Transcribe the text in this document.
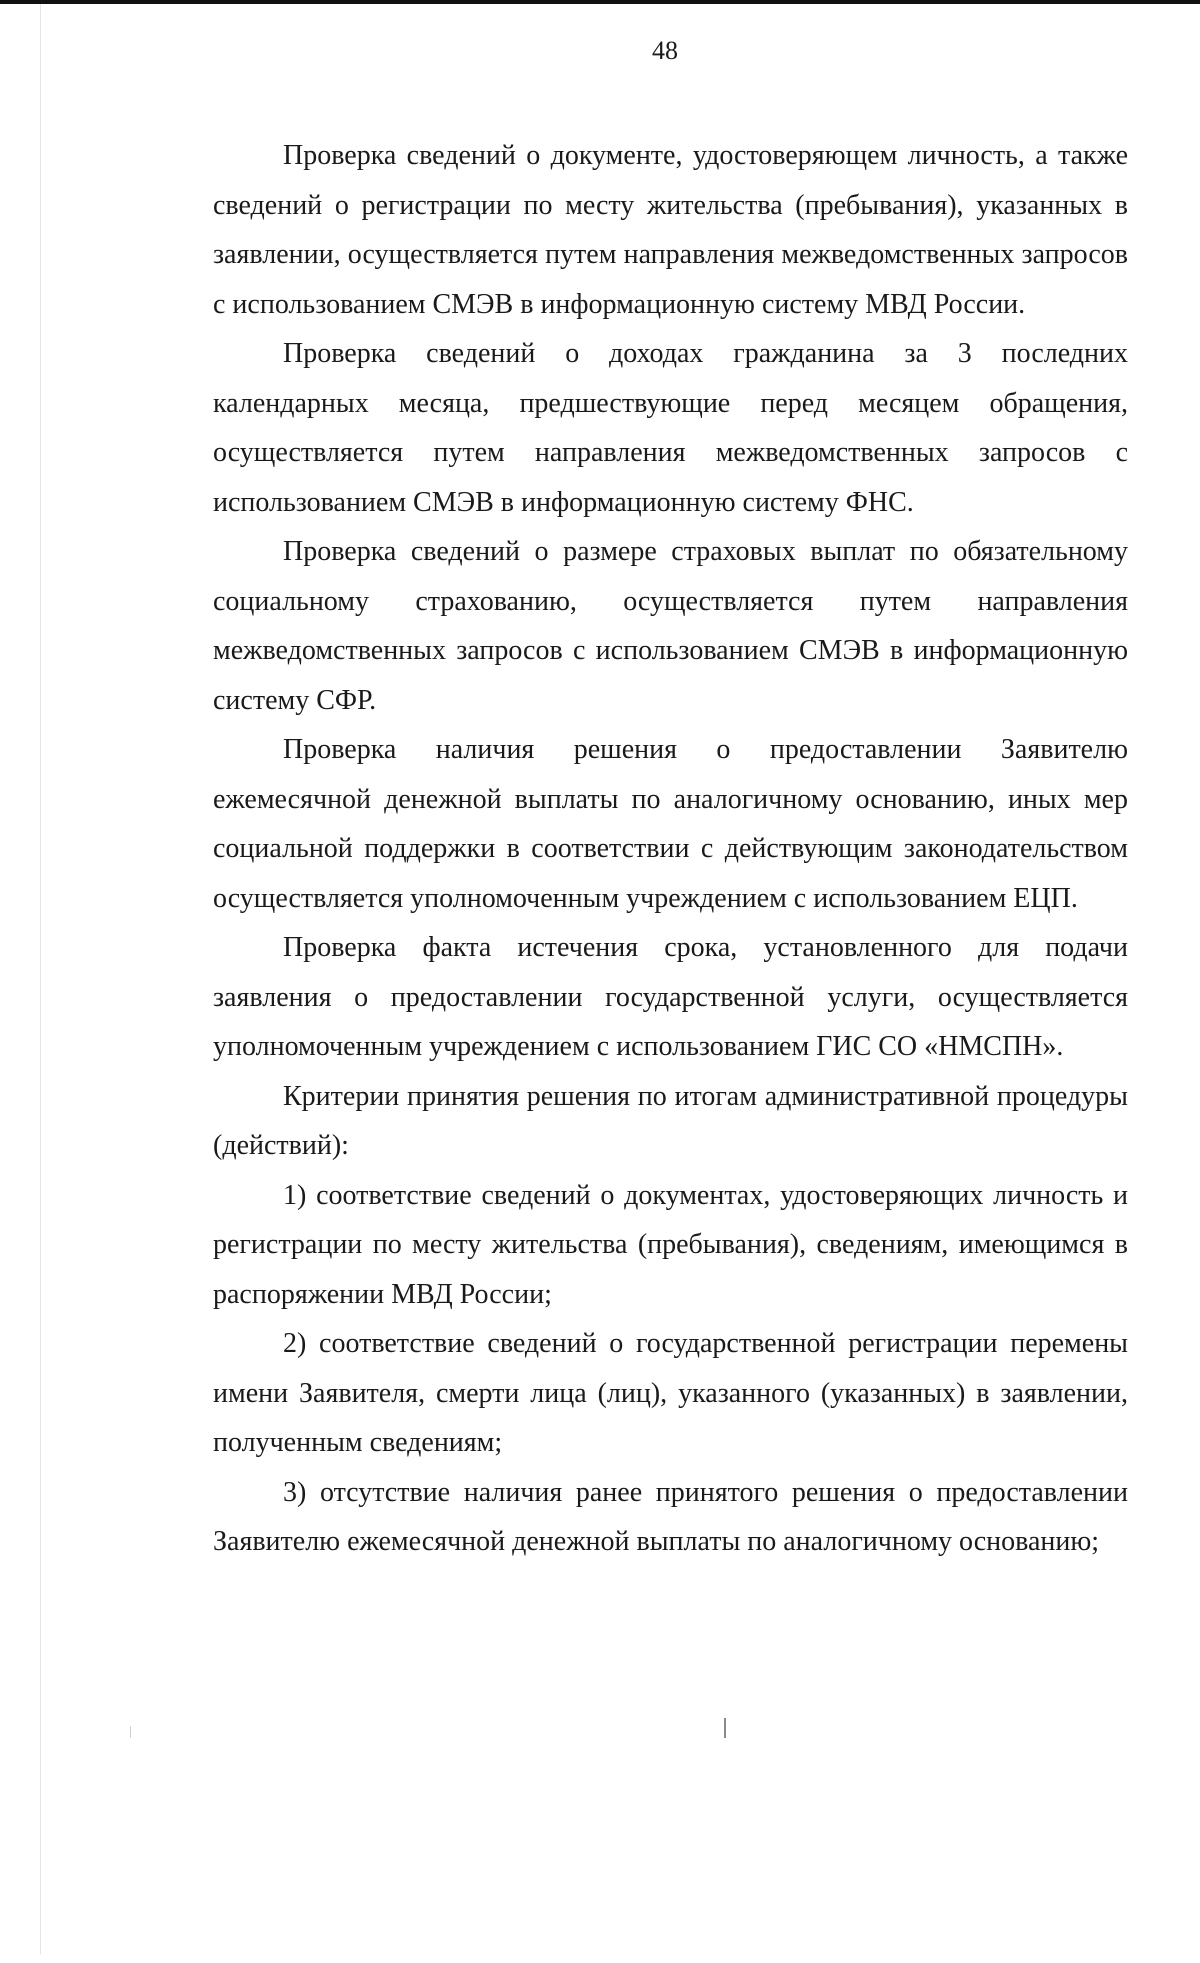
48

Проверка сведений о документе, удостоверяющем личность, а также сведений о регистрации по месту жительства (пребывания), указанных в заявлении, осуществляется путем направления межведомственных запросов с использованием СМЭВ в информационную систему МВД России.

Проверка сведений о доходах гражданина за 3 последних календарных месяца, предшествующие перед месяцем обращения, осуществляется путем направления межведомственных запросов с использованием СМЭВ в информационную систему ФНС.

Проверка сведений о размере страховых выплат по обязательному социальному страхованию, осуществляется путем направления межведомственных запросов с использованием СМЭВ в информационную систему СФР.

Проверка наличия решения о предоставлении Заявителю ежемесячной денежной выплаты по аналогичному основанию, иных мер социальной поддержки в соответствии с действующим законодательством осуществляется уполномоченным учреждением с использованием ЕЦП.

Проверка факта истечения срока, установленного для подачи заявления о предоставлении государственной услуги, осуществляется уполномоченным учреждением с использованием ГИС СО «НМСПН».

Критерии принятия решения по итогам административной процедуры (действий):

1) соответствие сведений о документах, удостоверяющих личность и регистрации по месту жительства (пребывания), сведениям, имеющимся в распоряжении МВД России;

2) соответствие сведений о государственной регистрации перемены имени Заявителя, смерти лица (лиц), указанного (указанных) в заявлении, полученным сведениям;

3) отсутствие наличия ранее принятого решения о предоставлении Заявителю ежемесячной денежной выплаты по аналогичному основанию;
